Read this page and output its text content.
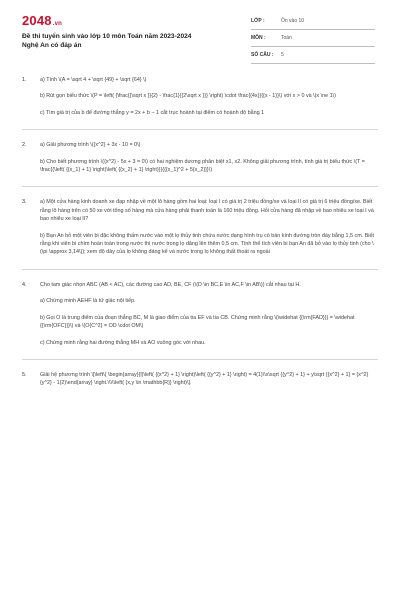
2048.vn
Đề thi tuyển sinh vào lớp 10 môn Toán năm 2023-2024
Nghệ An có đáp án
LỚP :	Ôn vào 10
MÔN :	Toán
SỐ CÂU :	5
1.	a) Tính \(A = \sqrt 4 + \sqrt {49} + \sqrt {64} \)

b) Rút gọn biểu thức \(P = \left( {\frac{{\sqrt x }}{2} - \frac{1}{{2\sqrt x }}} \right) \cdot \frac{{4x}}{{x - 1}}\) với x > 0 và \(x \ne 1\)

c) Tìm giá trị của b để đường thẳng y = 2x + b − 1 cắt trục hoành tại điểm có hoành độ bằng 1

2.	a) Giải phương trình \({x^2} + 3x - 10 = 0\)

b) Cho biết phương trình \({x^2} - 5x + 3 = 0\) có hai nghiệm dương phân biệt x1, x2. Không giải phương trình, tính giá trị biểu thức \(T = \frac{{\left( {{x_1} + 1} \right)\left( {{x_2} + 1} \right)}}{{{x_1}^2 + 5{x_2}}}\)

3.	a) Một cửa hàng kinh doanh xe đạp nhập về một lô hàng gồm hai loại: loại I có giá trị 2 triệu đồng/xe và loại II có giá trị 6 triệu đồng/xe. Biết rằng lô hàng trên có 50 xe với tổng số hàng mà cửa hàng phải thanh toán là 160 triệu đồng. Hỏi cửa hàng đã nhập về bao nhiêu xe loại I và bao nhiêu xe loại II?

b) Bạn An bỏ một viên bi đặc không thấm nước vào một lọ thủy tinh chứa nước dạng hình trụ có bán kính đường tròn đáy bằng 1,5 cm. Biết rằng khi viên bi chìm hoàn toàn trong nước thì nước trong lọ dâng lên thêm 0,5 cm. Tính thể tích viên bi bạn An đã bỏ vào lọ thủy tinh (cho \(\pi \approx 3,14\)); xem độ dày của lọ không đáng kể và nước trong lọ không thất thoát ra ngoài

4.	Cho tam giác nhọn ABC (AB < AC), các đường cao AD, BE, CF (\(D \in BC,E \in AC,F \in AB\)) cắt nhau tại H.

a) Chứng minh AEHF là tứ giác nội tiếp.

b) Gọi O là trung điểm của đoạn thẳng BC, M là giao điểm của tia EF và tia CB. Chứng minh rằng \(\widehat {{\rm{FAD}}} = \widehat {{\rm{OFC}}}\) và \(O{C^2} = OD \cdot OM\)

c) Chứng minh rằng hai đường thẳng MH và AO vuông góc với nhau.

5.	Giải hệ phương trình \[\left\{ \begin{array}{l}\left( {{x^2} + 1} \right)\left( {{y^2} + 1} \right) = 4(1)\\x\sqrt {{y^2} + 1} + y\sqrt {{x^2} + 1} = {x^2}{y^2} - 1(2)\end{array} \right.\\\\\left( {x,y \in \mathbb{R}} \right)\].
